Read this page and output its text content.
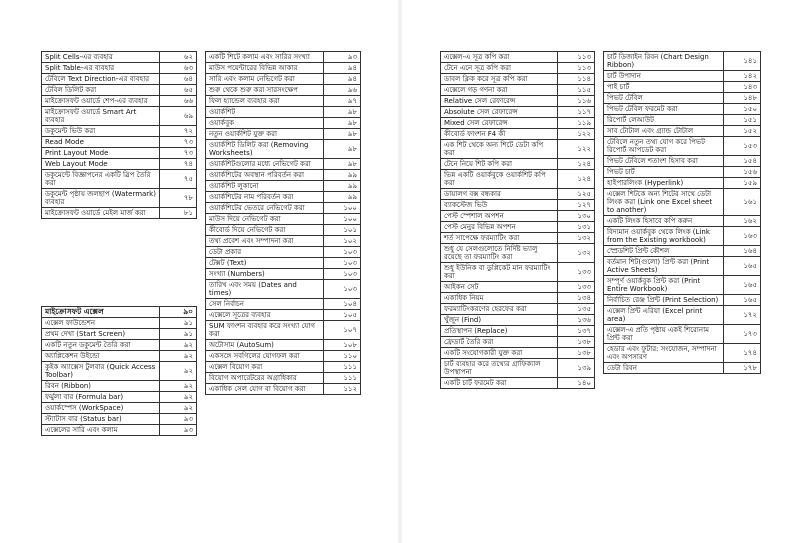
Split Cells-এর ব্যবহার	৬২
Split Table-এর ব্যবহার	৬৩
টেবিলে Text Direction-এর ব্যবহার	৬৪
টেবিল ডিলিট করা	৬৫
মাইক্রোসফট ওয়ার্ডে শেপ-এর ব্যবহার	৬৬
মাইক্রোসফট ওয়ার্ডে Smart Art ব্যবহার	৬৯
ডকুমেন্ট ভিউ করা	৭২
Read Mode	৭৩
Print Layout Mode	৭৩
Web Layout Mode	৭৪
ডকুমেন্টে বিজ্ঞাপনের একটি স্লিপ তৈরি করা	৭৫
ডকুমেন্ট পৃষ্ঠায় জলছাপ (Watermark) ব্যবহার	৭৮
মাইক্রোসফট ওয়ার্ডে মেইল মার্জ করা	৮১
মাইক্রোসফট এক্সেল	৯০
এক্সেল ফাউন্ডেশন	৯১
প্রথম দেখা (Start Screen)	৯১
একটি নতুন ডকুমেন্ট তৈরি করা	৯২
অ্যাপ্লিকেশন উইন্ডো	৯২
কুইক অ্যাক্সেস টুলবার (Quick Access Toolbar)	৯২
রিবন (Ribbon)	৯২
ফর্মুলা বার (Formula bar)	৯২
ওয়ার্কস্পেস (WorkSpace)	৯২
স্ট্যাটাস বার (Status bar)	৯৩
এক্সেলের সারি এবং কলাম	৯৩
একটি শিটে কলাম এবং সারির সংখ্যা	৯৩
মাউস পয়েন্টারের বিভিন্ন আকার	৯৪
সারি এবং কলাম নেভিগেট করা	৯৪
শুরু থেকে শুরু করা সারসংক্ষেপ	৯৬
ফিল হ্যান্ডেল ব্যবহার করা	৯৭
ওয়ার্কশিট	৯৮
ওয়ার্কবুক	৯৮
নতুন ওয়ার্কশিট যুক্ত করা	৯৮
ওয়ার্কশিট ডিলিট করা (Removing Worksheets)	৯৮
ওয়ার্কশিটগুলোর মধ্যে নেভিগেট করা	৯৮
ওয়ার্কশিটের অবস্থান পরিবর্তন করা	৯৯
ওয়ার্কশিট লুকানো	৯৯
ওয়ার্কশিটের নাম পরিবর্তন করা	৯৯
ওয়ার্কশিটের ভেতরে নেভিগেট করা	১০০
মাউস দিয়ে নেভিগেট করা	১০০
কীবোর্ড দিয়ে নেভিগেট করা	১০১
তথ্য প্রবেশ এবং সম্পাদনা করা	১০২
ডেটা প্রকার	১০৩
টেক্সট (Text)	১০৩
সংখ্যা (Numbers)	১০৩
তারিখ এবং সময় (Dates and times)	১০৩
সেল নির্বাচন	১০৪
এক্সেলে সূত্রের ব্যবহার	১০৫
SUM ফাংশন ব্যবহার করে সংখ্যা যোগ করা	১০৭
অটোসাম (AutoSum)	১০৮
একসঙ্গে সবগিলের যোগফল করা	১১০
এক্সেল বিয়োগ করা	১১১
বিয়োগ অপারেটরের অগ্রাধিকার	১১১
একাধিক সেল যোগ বা বিয়োগ করা	১১২
এক্সেল-এ সূত্র কপি করা	১১৩
টেনে এনে সূত্র কপি করা	১১৩
ডাবল ক্লিক করে সূত্র কপি করা	১১৪
এক্সেলে গড় গণনা করা	১১৫
Relative সেল রেফারেন্স	১১৬
Absolute সেল রেফারেন্স	১১৭
Mixed সেল রেফারেন্স	১১৯
কীবোর্ড ফাংশন F4 কী	১২২
এক শিট থেকে অন্য শিটে ডেটা কপি করা	১২২
টেনে নিয়ে শিট কপি করা	১২৪
ভিন্ন একটি ওয়ার্কবুকে ওয়ার্কশিট কপি করা	১২৪
ডায়ালগ বক্স বন্ধকার	১২৫
ব্যাকস্টেজ ভিউ	১২৭
পেস্ট স্পেশাল অপশন	১৩০
পেস্ট মেনুর বিভিন্ন অপশন	১৩১
শর্ত সাপেক্ষে ফরম্যাটিং করা	১৩২
শুধু যে সেলগুলোতে নির্দিষ্ট ভ্যালু রয়েছে তা ফরম্যাটিং করা	১৩২
শুধু ইউনিক বা ডুপ্লিকেট মান ফরম্যাটিং করা	১৩৩
আইকন সেট	১৩৩
একাধিক নিয়ম	১৩৪
ফরম্যাটিংকরণের হেরফের করা	১৩৫
খুঁজুন (Find)	১৩৬
প্রতিস্থাপন (Replace)	১৩৭
ফ্রেডার্ট তৈরি করা	১৩৮
একটি সংযোগকারী যুক্ত করা	১৩৮
চার্ট ব্যবহার করে তথ্যের গ্রাফিক্যাল উপস্থাপনা	১৩৯
একটি চার্ট ফরমেট করা	১৪০
চার্ট ডিজাইন রিবন (Chart Design Ribbon)	১৪১
চার্ট উপাদান	১৪২
পাই চার্ট	১৪৩
পিভট টেবিল	১৪৮
পিভট টেবিল ফরমেট করা	১৫০
রিপোর্ট লেআউট	১৫১
সাব টোটাল এবং গ্র্যান্ড টোটাল	১৫২
টেবিলে নতুন তথ্য যোগ করে পিভট রিপোর্ট আপডেট করা	১৫৩
পিভট টেবিলে শতাংশ হিসাব করা	১৫৪
পিভট চার্ট	১৫৬
হাইপারলিংক (Hyperlink)	১৫৯
এক্সেল শিটকে অন্য শিটের সাথে ডেটা লিংক করা (Link one Excel sheet to another)	১৬১
একটি লিংক হিসাবে কপি করুন	১৬২
বিদ্যমান ওয়ার্কবুক থেকে লিংক (Link from the Existing workbook)	১৬৩
স্প্রেডশিট প্রিন্ট কৌশল	১৬৪
বর্তমান শিট(গুলো) প্রিন্ট করা (Print Active Sheets)	১৬৫
সম্পূর্ণ ওয়ার্কবুক প্রিন্ট করা (Print Entire Workbook)	১৬৫
নির্বাচিত রেঞ্জ প্রিন্ট (Print Selection)	১৬৫
এক্সেল প্রিন্ট এরিয়া (Excel print area)	১৭২
এক্সেল-এ প্রতি পৃষ্ঠায় একই শিরোনাম প্রিন্ট করা	১৭৩
হেডার এবং ফুটার: সংযোজন, সম্পাদনা এবং অপসারণ	১৭৪
ডেটা রিবন	১৭৮
